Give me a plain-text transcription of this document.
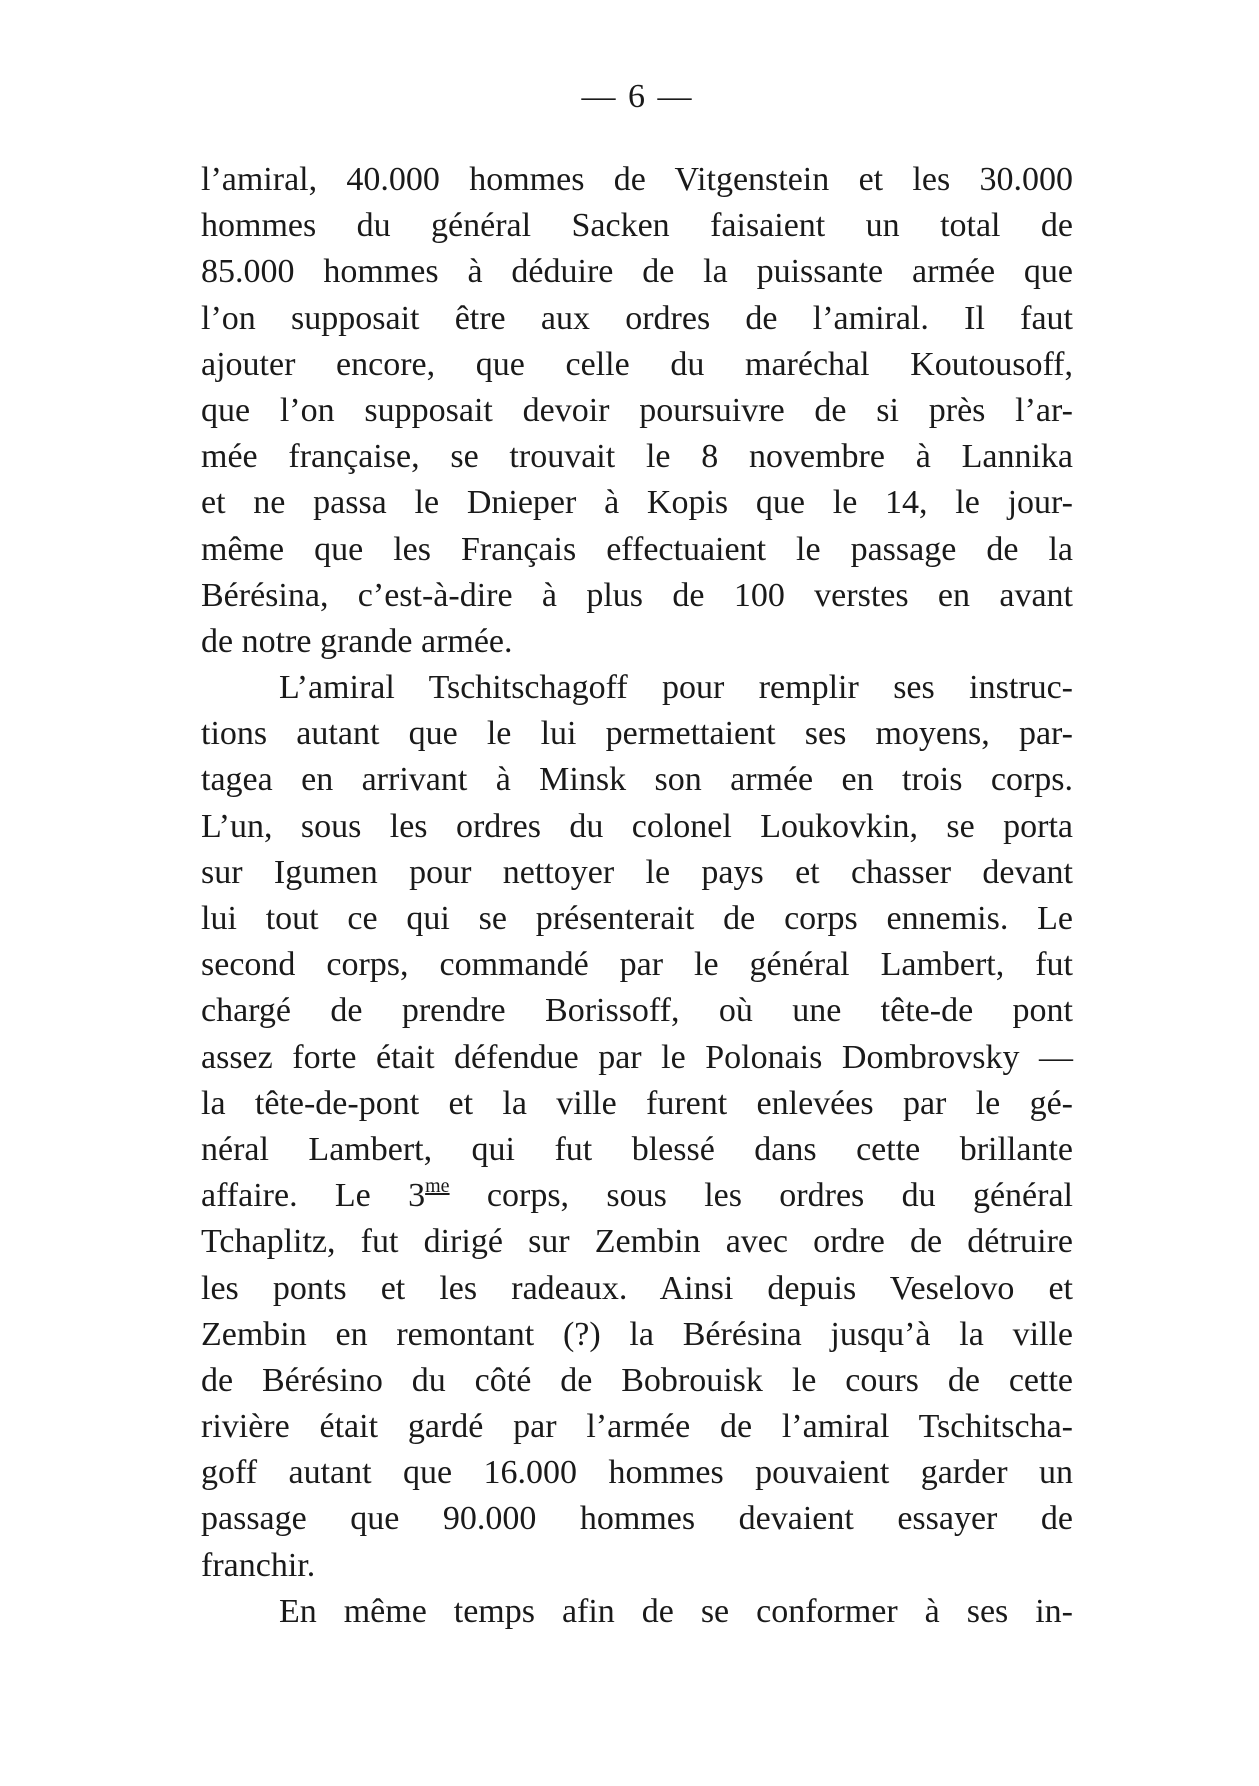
— 6 —
l’amiral, 40.000 hommes de Vitgenstein et les 30.000
hommes du général Sacken faisaient un total de
85.000 hommes à déduire de la puissante armée que
l’on supposait être aux ordres de l’amiral. Il faut
ajouter encore, que celle du maréchal Koutousoff,
que l’on supposait devoir poursuivre de si près l’ar-
mée française, se trouvait le 8 novembre à Lannika
et ne passa le Dnieper à Kopis que le 14, le jour-
même que les Français effectuaient le passage de la
Bérésina, c’est-à-dire à plus de 100 verstes en avant
de notre grande armée.
L’amiral Tschitschagoff pour remplir ses instruc-
tions autant que le lui permettaient ses moyens, par-
tagea en arrivant à Minsk son armée en trois corps.
L’un, sous les ordres du colonel Loukovkin, se porta
sur Igumen pour nettoyer le pays et chasser devant
lui tout ce qui se présenterait de corps ennemis. Le
second corps, commandé par le général Lambert, fut
chargé de prendre Borissoff, où une tête-de pont
assez forte était défendue par le Polonais Dombrovsky —
la tête-de-pont et la ville furent enlevées par le gé-
néral Lambert, qui fut blessé dans cette brillante
affaire. Le $3^{me}$ corps, sous les ordres du général
Tchaplitz, fut dirigé sur Zembin avec ordre de détruire
les ponts et les radeaux. Ainsi depuis Veselovo et
Zembin en remontant (?) la Bérésina jusqu’à la ville
de Bérésino du côté de Bobrouisk le cours de cette
rivière était gardé par l’armée de l’amiral Tschitscha-
goff autant que 16.000 hommes pouvaient garder un
passage que 90.000 hommes devaient essayer de
franchir.
En même temps afin de se conformer à ses in-
